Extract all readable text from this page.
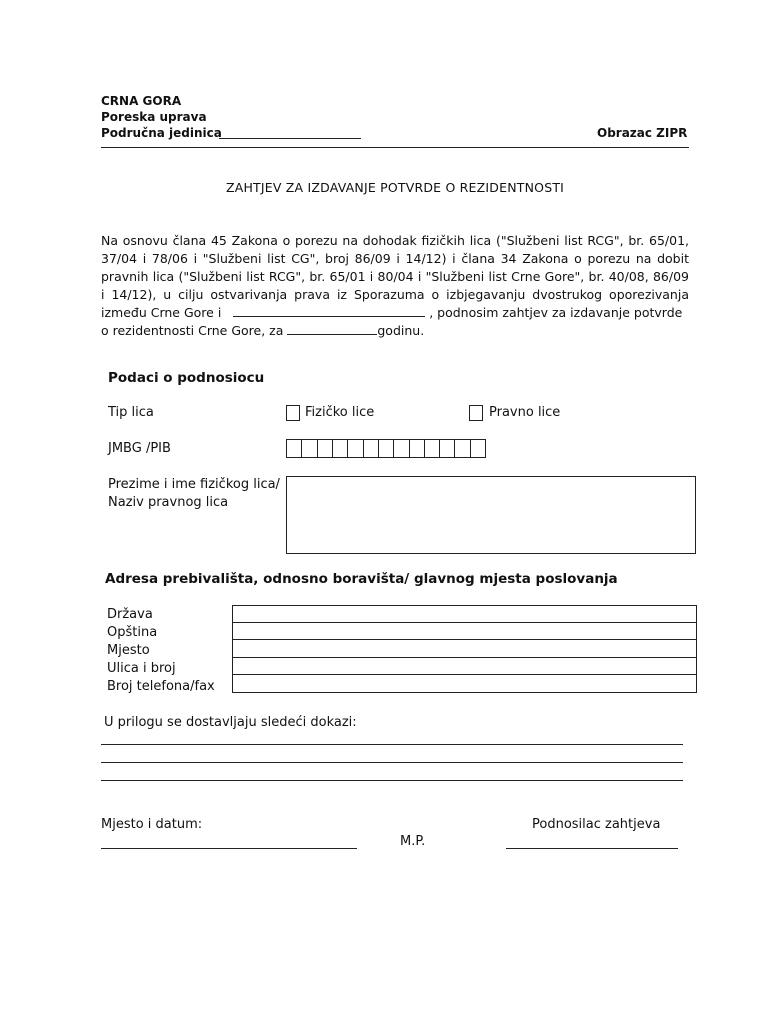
CRNA GORA
Poreska uprava
Područna jedinica	Obrazac ZIPR
ZAHTJEV ZA IZDAVANJE POTVRDE O REZIDENTNOSTI
Na osnovu člana 45 Zakona o porezu na dohodak fizičkih lica ("Službeni list RCG", br. 65/01,
37/04 i 78/06 i "Službeni list CG", broj 86/09 i 14/12) i člana 34 Zakona o porezu na dobit
pravnih lica ("Službeni list RCG", br. 65/01 i 80/04 i "Službeni list Crne Gore", br. 40/08, 86/09
i 14/12), u cilju ostvarivanja prava iz Sporazuma o izbjegavanju dvostrukog oporezivanja
između Crne Gore i	, podnosim zahtjev za izdavanje potvrde
o rezidentnosti Crne Gore, za	godinu.
Podaci o podnosiocu
Tip lica	Fizičko lice	Pravno lice
JMBG /PIB
Prezime i ime fizičkog lica/
Naziv pravnog lica
Adresa prebivališta, odnosno boravišta/ glavnog mjesta poslovanja
Država
Opština
Mjesto
Ulica i broj
Broj telefona/fax
U prilogu se dostavljaju sledeći dokazi:
Mjesto i datum:
M.P.
Podnosilac zahtjeva
